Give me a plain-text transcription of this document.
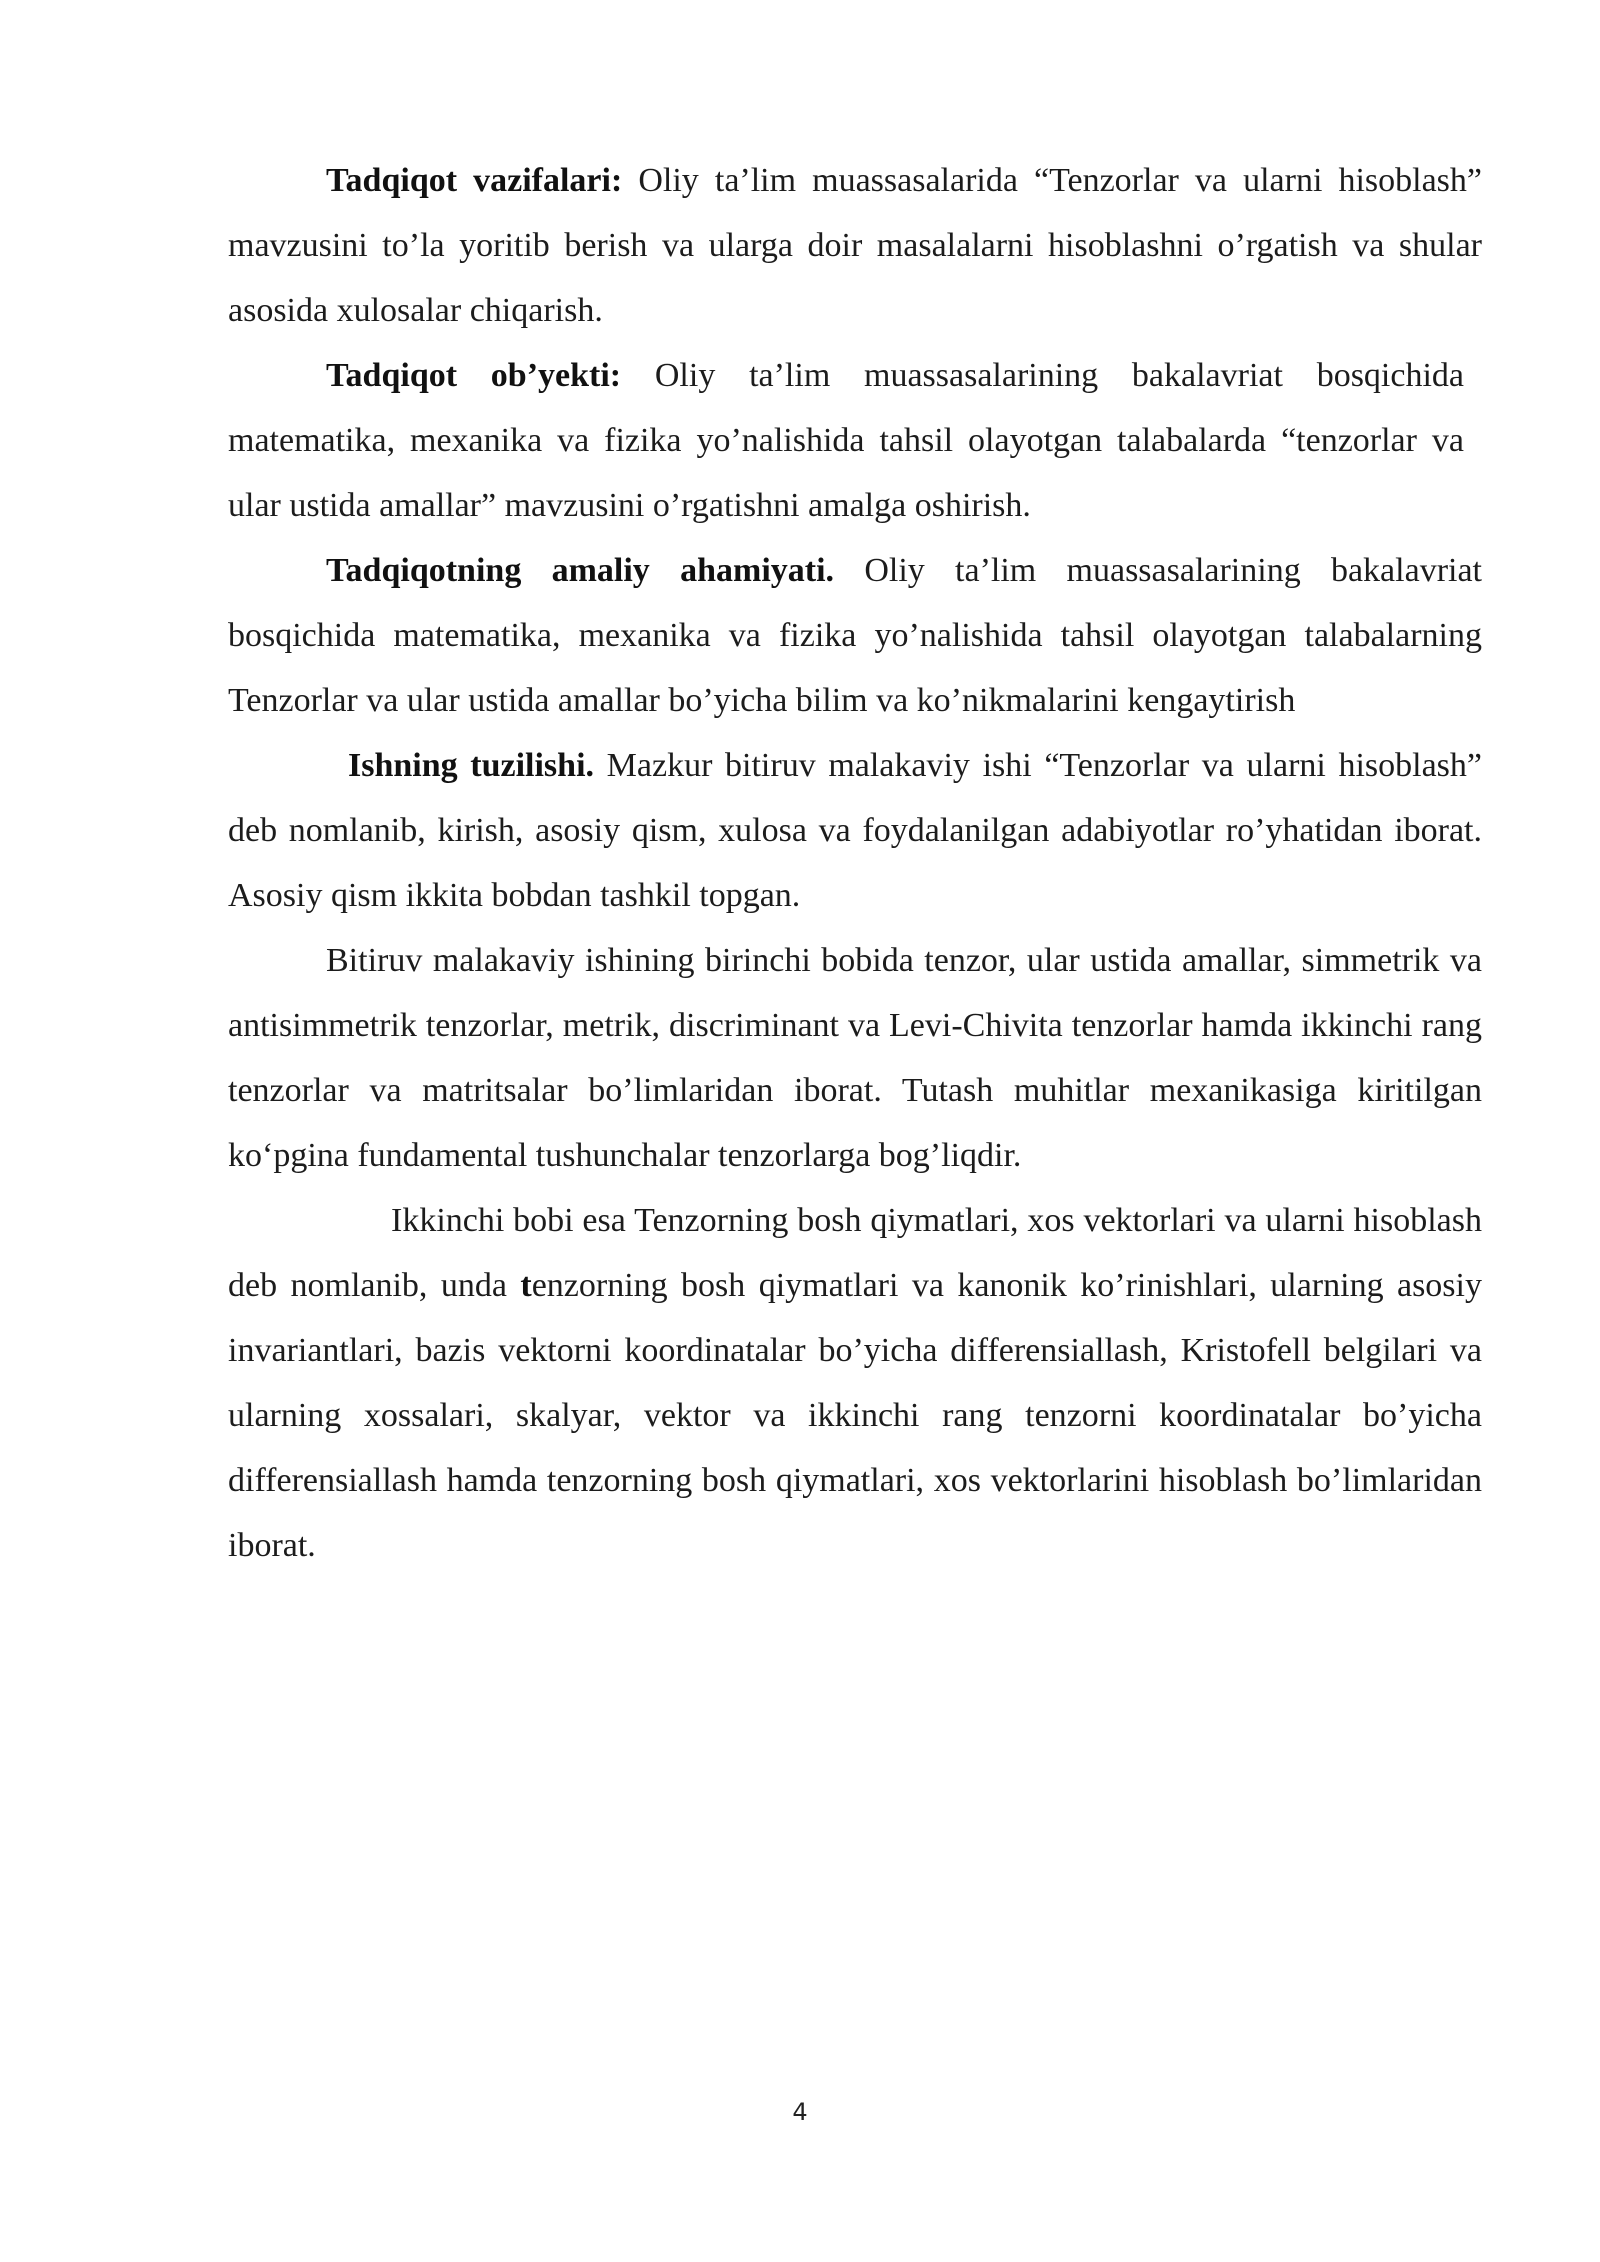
Tadqiqot vazifalari: Oliy ta’lim muassasalarida “Tenzorlar va ularni hisoblash” mavzusini to’la yoritib berish va ularga doir masalalarni hisoblashni o’rgatish va shular asosida xulosalar chiqarish.

Tadqiqot ob’yekti: Oliy ta’lim muassasalarining bakalavriat bosqichida matematika, mexanika va fizika yo’nalishida tahsil olayotgan talabalarda “tenzorlar va ular ustida amallar” mavzusini o’rgatishni amalga oshirish.

Tadqiqotning amaliy ahamiyati. Oliy ta’lim muassasalarining bakalavriat bosqichida matematika, mexanika va fizika yo’nalishida tahsil olayotgan talabalarning Tenzorlar va ular ustida amallar bo’yicha bilim va ko’nikmalarini kengaytirish

Ishning tuzilishi. Mazkur bitiruv malakaviy ishi “Tenzorlar va ularni hisoblash” deb nomlanib, kirish, asosiy qism, xulosa va foydalanilgan adabiyotlar ro’yhatidan iborat. Asosiy qism ikkita bobdan tashkil topgan.

Bitiruv malakaviy ishining birinchi bobida tenzor, ular ustida amallar, simmetrik va antisimmetrik tenzorlar, metrik, discriminant va Levi-Chivita tenzorlar hamda ikkinchi rang tenzorlar va matritsalar bo’limlaridan iborat. Tutash muhitlar mexanikasiga kiritilgan ko‘pgina fundamental tushunchalar tenzorlarga bog’liqdir.

Ikkinchi bobi esa Tenzorning bosh qiymatlari, xos vektorlari va ularni hisoblash deb nomlanib, unda tenzorning bosh qiymatlari va kanonik ko’rinishlari, ularning asosiy invariantlari, bazis vektorni koordinatalar bo’yicha differensiallash, Kristofell belgilari va ularning xossalari, skalyar, vektor va ikkinchi rang tenzorni koordinatalar bo’yicha differensiallash hamda tenzorning bosh qiymatlari, xos vektorlarini hisoblash bo’limlaridan iborat.

4
